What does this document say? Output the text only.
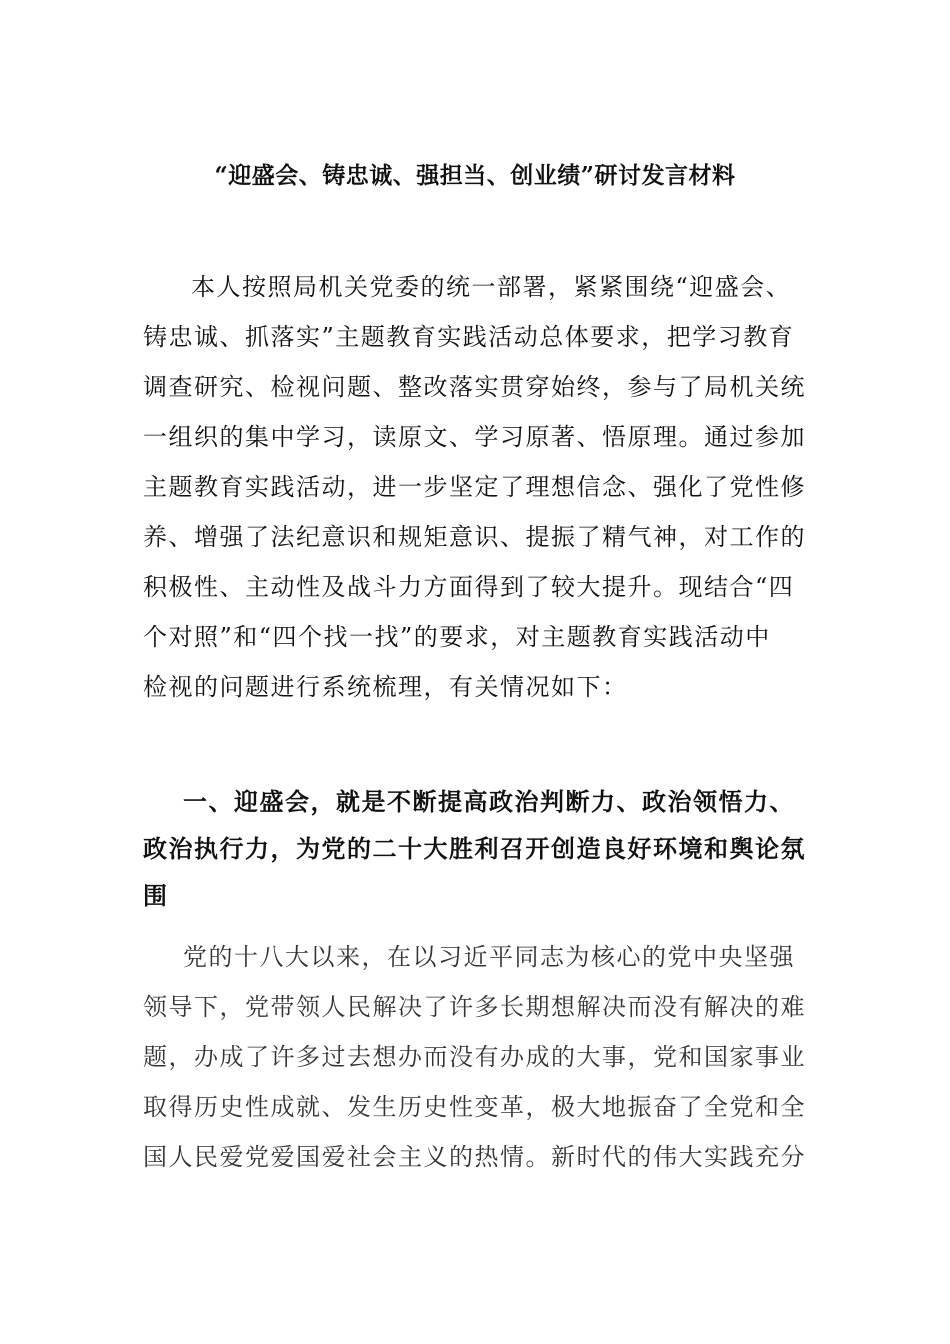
“迎盛会、铸忠诚、强担当、创业绩”研讨发言材料
本人按照局机关党委的统一部署，紧紧围绕“迎盛会、
铸忠诚、抓落实”主题教育实践活动总体要求，把学习教育
调查研究、检视问题、整改落实贯穿始终，参与了局机关统
一组织的集中学习，读原文、学习原著、悟原理。通过参加
主题教育实践活动，进一步坚定了理想信念、强化了党性修
养、增强了法纪意识和规矩意识、提振了精气神，对工作的
积极性、主动性及战斗力方面得到了较大提升。现结合“四
个对照”和“四个找一找”的要求，对主题教育实践活动中
检视的问题进行系统梳理，有关情况如下：
一、迎盛会，就是不断提高政治判断力、政治领悟力、
政治执行力，为党的二十大胜利召开创造良好环境和舆论氛
围
党的十八大以来，在以习近平同志为核心的党中央坚强
领导下，党带领人民解决了许多长期想解决而没有解决的难
题，办成了许多过去想办而没有办成的大事，党和国家事业
取得历史性成就、发生历史性变革，极大地振奋了全党和全
国人民爱党爱国爱社会主义的热情。新时代的伟大实践充分
